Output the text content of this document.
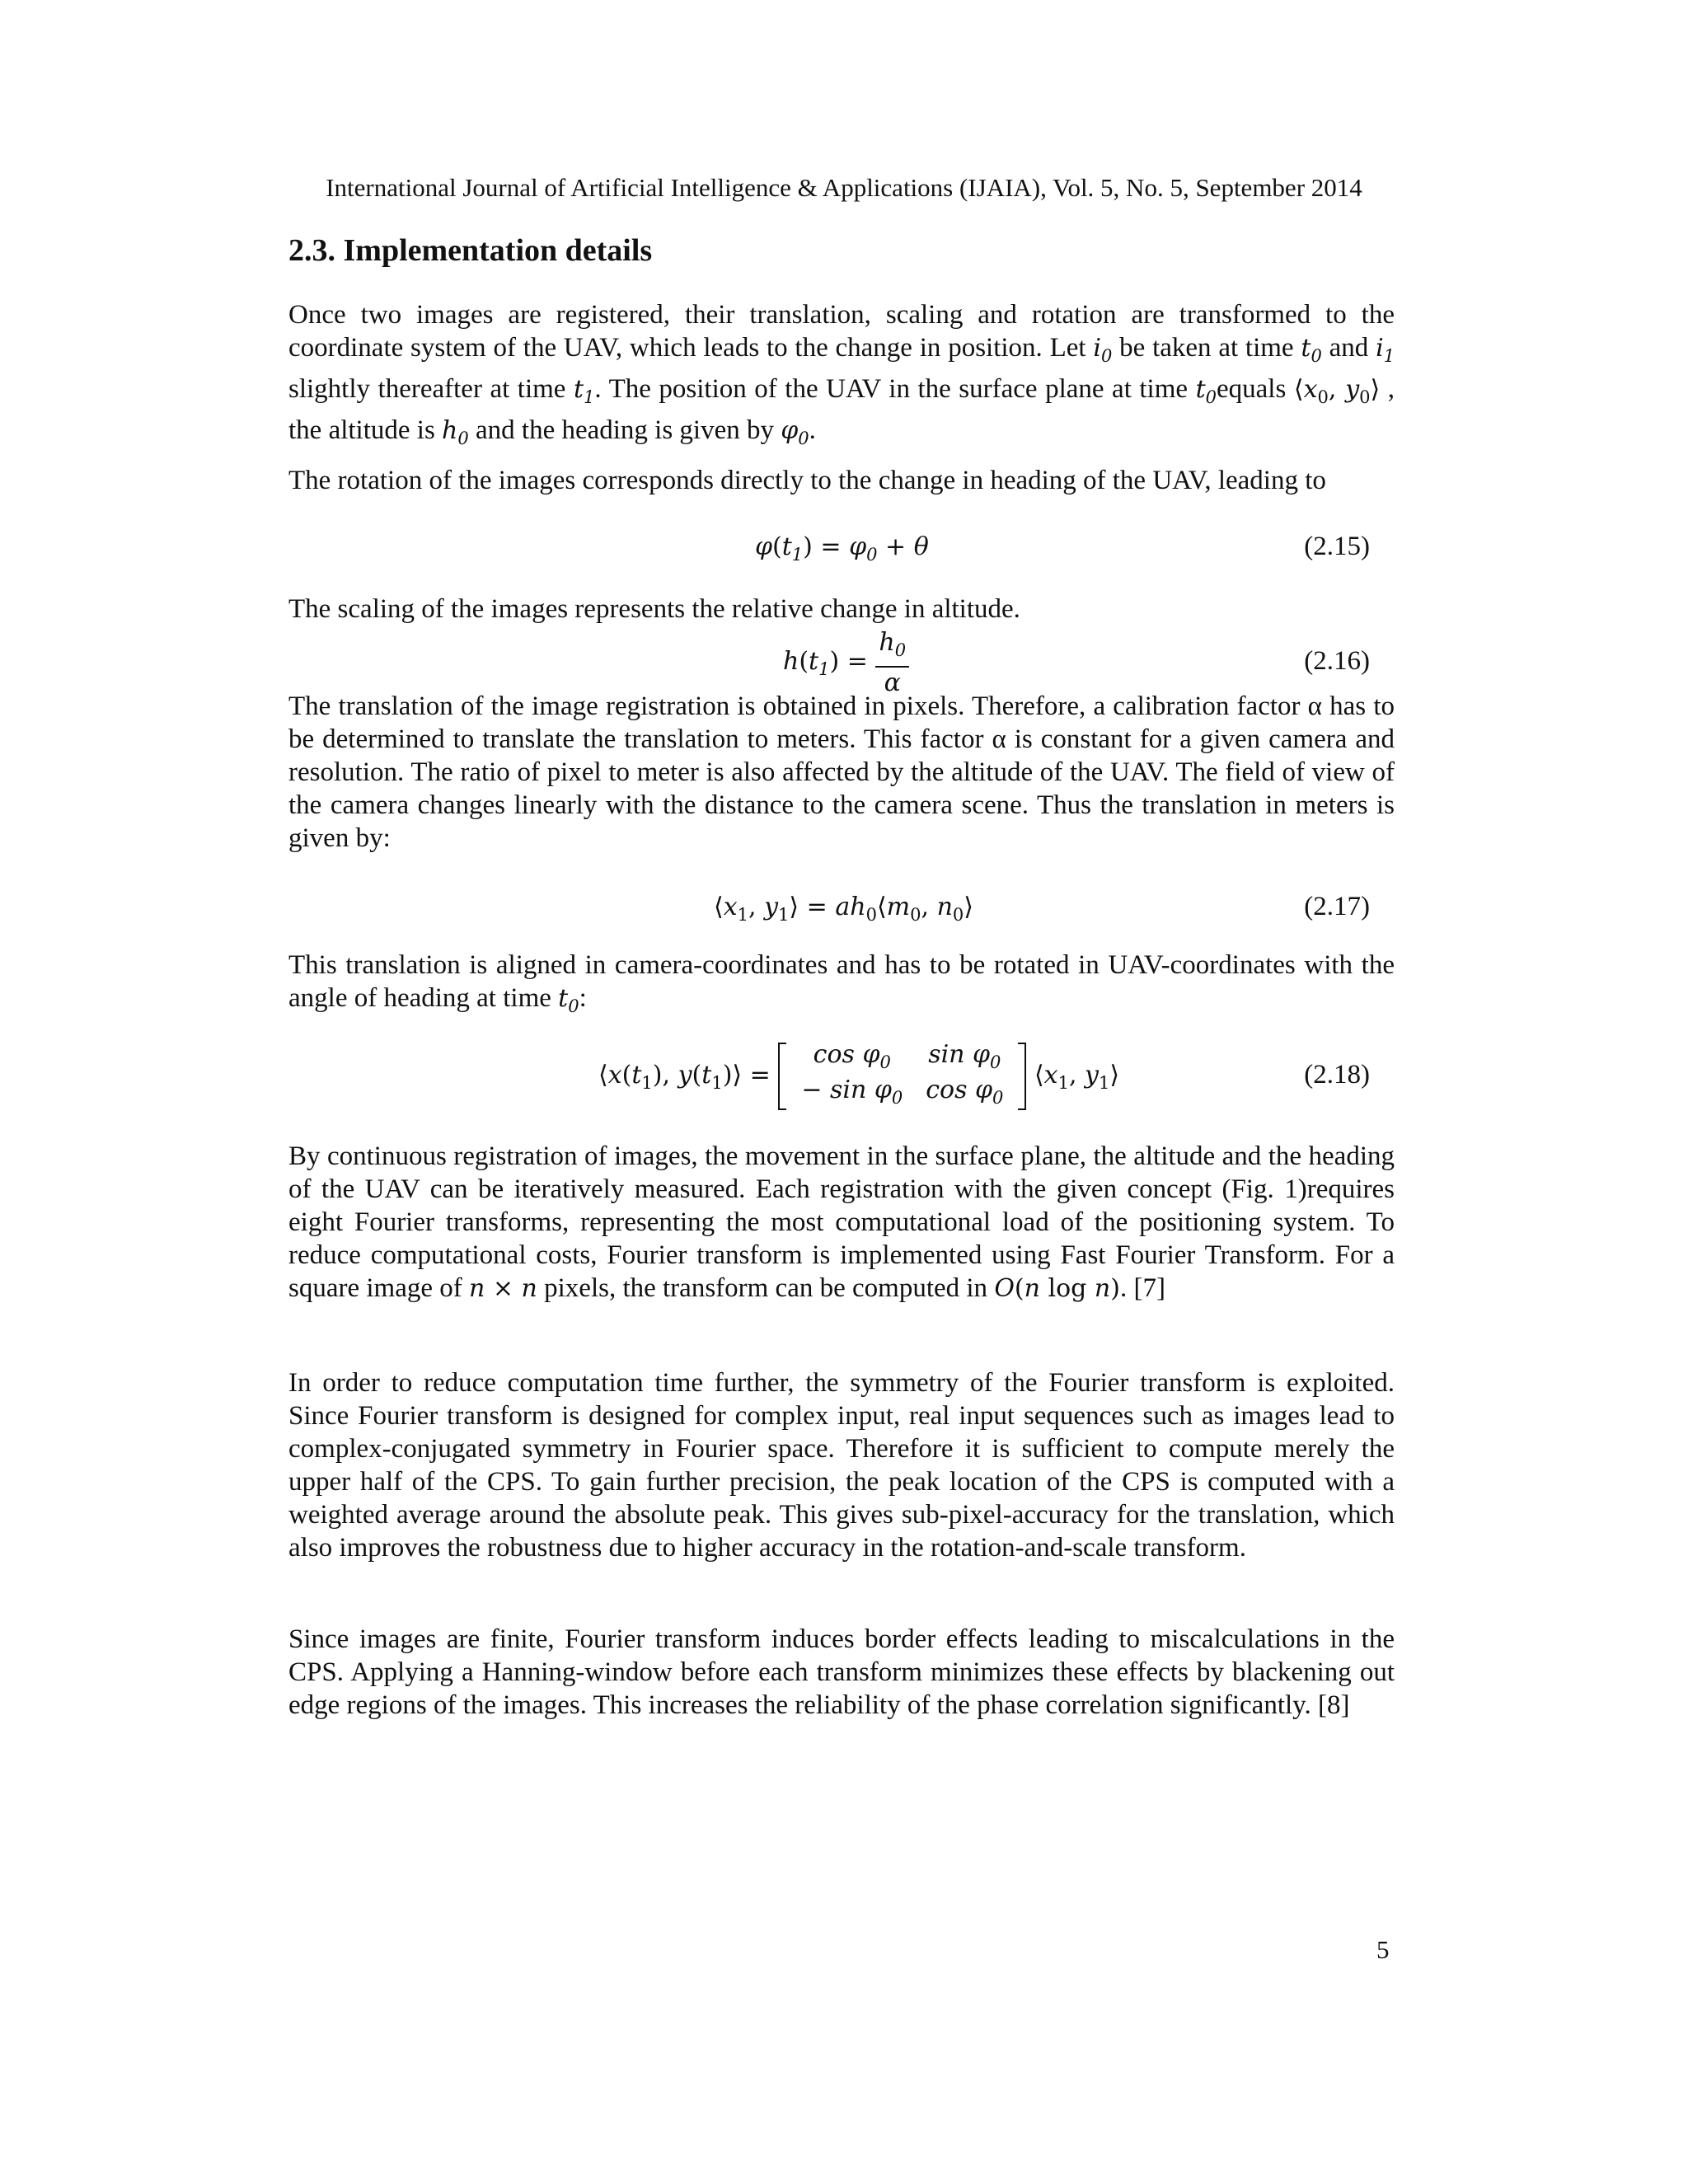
International Journal of Artificial Intelligence & Applications (IJAIA), Vol. 5, No. 5, September 2014
2.3. Implementation details

Once two images are registered, their translation, scaling and rotation are transformed to the coordinate system of the UAV, which leads to the change in position. Let $i_0$ be taken at time $t_0$ and $i_1$ slightly thereafter at time $t_1$. The position of the UAV in the surface plane at time $t_0equals$ $⟨x_0$, $y_0⟩$ , the altitude is $h_0$ and the heading is given by $\varphi_0$.

The rotation of the images corresponds directly to the change in heading of the UAV, leading to

$\varphi(t_1) = \varphi_0 + \theta$	(2.15)

The scaling of the images represents the relative change in altitude.

$h(t_1) = \frac{h_0}{\alpha}$	(2.16)

The translation of the image registration is obtained in pixels. Therefore, a calibration factor α has to be determined to translate the translation to meters. This factor α is constant for a given camera and resolution. The ratio of pixel to meter is also affected by the altitude of the UAV. The field of view of the camera changes linearly with the distance to the camera scene. Thus the translation in meters is given by:

$⟨x_1$, $y_1⟩$ = $ah_0⟨m_0$, $n_0⟩$	(2.17)

This translation is aligned in camera-coordinates and has to be rotated in UAV-coordinates with the angle of heading at time $t_0$:

$⟨x(t_1)$, $y(t_1)⟩$ =
$\cos \varphi_0$	$\sin \varphi_0$
− $\sin \varphi_0$	$\cos \varphi_0$
$⟨x_1$, $y_1⟩$	(2.18)

By continuous registration of images, the movement in the surface plane, the altitude and the heading of the UAV can be iteratively measured. Each registration with the given concept (Fig. 1)requires eight Fourier transforms, representing the most computational load of the positioning system. To reduce computational costs, Fourier transform is implemented using Fast Fourier Transform. For a square image of n × n pixels, the transform can be computed in O(n log n). [7]

In order to reduce computation time further, the symmetry of the Fourier transform is exploited. Since Fourier transform is designed for complex input, real input sequences such as images lead to complex-conjugated symmetry in Fourier space. Therefore it is sufficient to compute merely the upper half of the CPS. To gain further precision, the peak location of the CPS is computed with a weighted average around the absolute peak. This gives sub-pixel-accuracy for the translation, which also improves the robustness due to higher accuracy in the rotation-and-scale transform.

Since images are finite, Fourier transform induces border effects leading to miscalculations in the CPS. Applying a Hanning-window before each transform minimizes these effects by blackening out edge regions of the images. This increases the reliability of the phase correlation significantly. [8]

5
